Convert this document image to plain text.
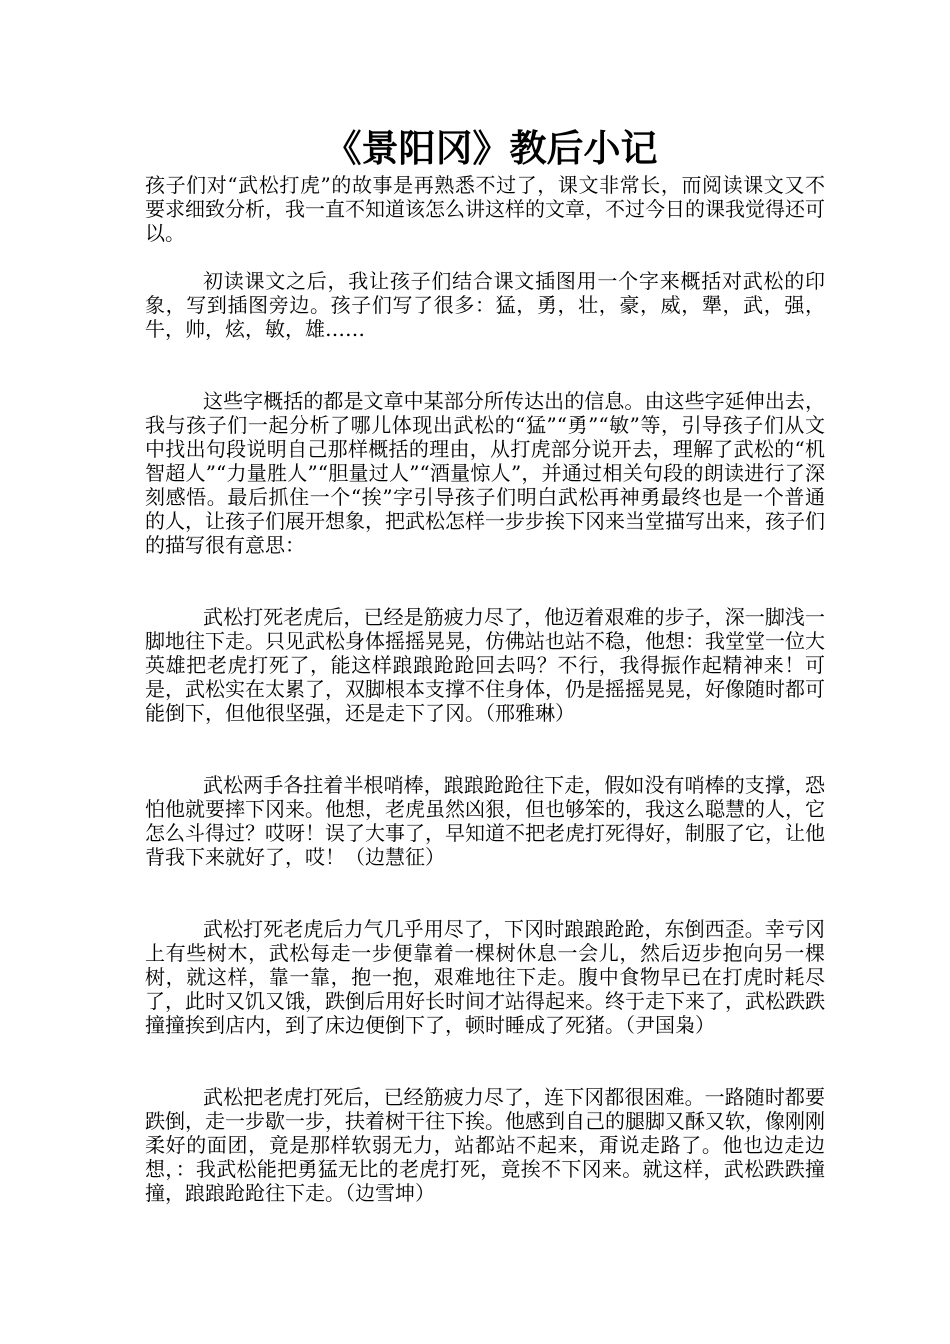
《景阳冈》教后小记

孩子们对“武松打虎”的故事是再熟悉不过了，课文非常长，而阅读课文又不要求细致分析，我一直不知道该怎么讲这样的文章，不过今日的课我觉得还可以。

初读课文之后，我让孩子们结合课文插图用一个字来概括对武松的印象，写到插图旁边。孩子们写了很多：猛，勇，壮，豪，威，犟，武，强，牛，帅，炫，敏，雄……

这些字概括的都是文章中某部分所传达出的信息。由这些字延伸出去，我与孩子们一起分析了哪儿体现出武松的“猛”“勇”“敏”等，引导孩子们从文中找出句段说明自己那样概括的理由，从打虎部分说开去，理解了武松的“机智超人”“力量胜人”“胆量过人”“酒量惊人”，并通过相关句段的朗读进行了深刻感悟。最后抓住一个“挨”字引导孩子们明白武松再神勇最终也是一个普通的人，让孩子们展开想象，把武松怎样一步步挨下冈来当堂描写出来，孩子们的描写很有意思：

武松打死老虎后，已经是筋疲力尽了，他迈着艰难的步子，深一脚浅一脚地往下走。只见武松身体摇摇晃晃，仿佛站也站不稳，他想：我堂堂一位大英雄把老虎打死了，能这样踉踉跄跄回去吗？不行，我得振作起精神来！可是，武松实在太累了，双脚根本支撑不住身体，仍是摇摇晃晃，好像随时都可能倒下，但他很坚强，还是走下了冈。（邢雅琳）

武松两手各拄着半根哨棒，踉踉跄跄往下走，假如没有哨棒的支撑，恐怕他就要摔下冈来。他想，老虎虽然凶狠，但也够笨的，我这么聪慧的人，它怎么斗得过？哎呀！误了大事了，早知道不把老虎打死得好，制服了它，让他背我下来就好了，哎！（边慧征）

武松打死老虎后力气几乎用尽了，下冈时踉踉跄跄，东倒西歪。幸亏冈上有些树木，武松每走一步便靠着一棵树休息一会儿，然后迈步抱向另一棵树，就这样，靠一靠，抱一抱，艰难地往下走。腹中食物早已在打虎时耗尽了，此时又饥又饿，跌倒后用好长时间才站得起来。终于走下来了，武松跌跌撞撞挨到店内，到了床边便倒下了，顿时睡成了死猪。（尹国枭）

武松把老虎打死后，已经筋疲力尽了，连下冈都很困难。一路随时都要跌倒，走一步歇一步，扶着树干往下挨。他感到自己的腿脚又酥又软，像刚刚柔好的面团，竟是那样软弱无力，站都站不起来，甭说走路了。他也边走边想，：我武松能把勇猛无比的老虎打死，竟挨不下冈来。就这样，武松跌跌撞撞，踉踉跄跄往下走。（边雪坤）
